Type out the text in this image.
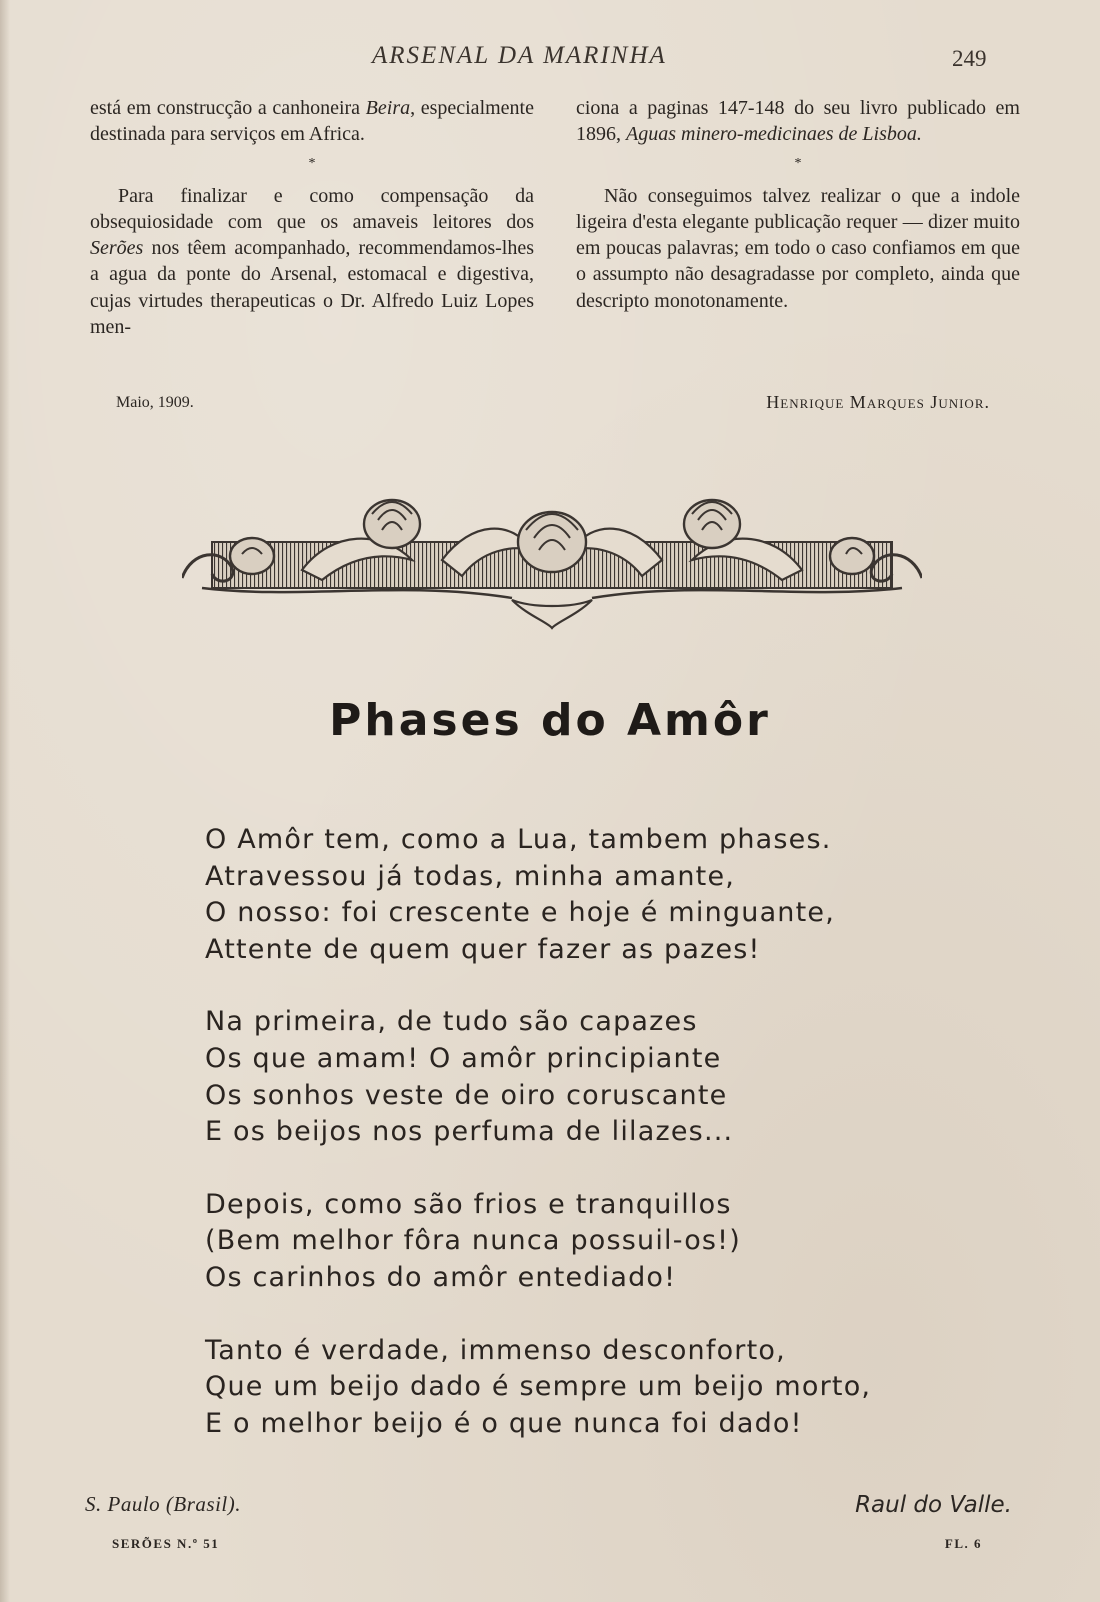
ARSENAL DA MARINHA	249

está em construcção a canhoneira Beira, especialmente destinada para serviços em Africa.

*

Para finalizar e como compensação da obsequiosidade com que os amaveis leitores dos Serões nos têem acompanhado, recommendamos-lhes a agua da ponte do Arsenal, estomacal e digestiva, cujas virtudes therapeuticas o Dr. Alfredo Luiz Lopes men-

ciona a paginas 147-148 do seu livro publicado em 1896, Aguas minero-medicinaes de Lisboa.

*

Não conseguimos talvez realizar o que a indole ligeira d'esta elegante publicação requer — dizer muito em poucas palavras; em todo o caso confiamos em que o assumpto não desagradasse por completo, ainda que descripto monotonamente.

Maio, 1909.	Henrique Marques Junior.
Phases do Amôr
O Amôr tem, como a Lua, tambem phases.
Atravessou já todas, minha amante,
O nosso: foi crescente e hoje é minguante,
Attente de quem quer fazer as pazes!
Na primeira, de tudo são capazes
Os que amam! O amôr principiante
Os sonhos veste de oiro coruscante
E os beijos nos perfuma de lilazes...
Depois, como são frios e tranquillos
(Bem melhor fôra nunca possuil-os!)
Os carinhos do amôr entediado!
Tanto é verdade, immenso desconforto,
Que um beijo dado é sempre um beijo morto,
E o melhor beijo é o que nunca foi dado!
S. Paulo (Brasil).	Raul do Valle.
SERÕES N.º 51	FL. 6
